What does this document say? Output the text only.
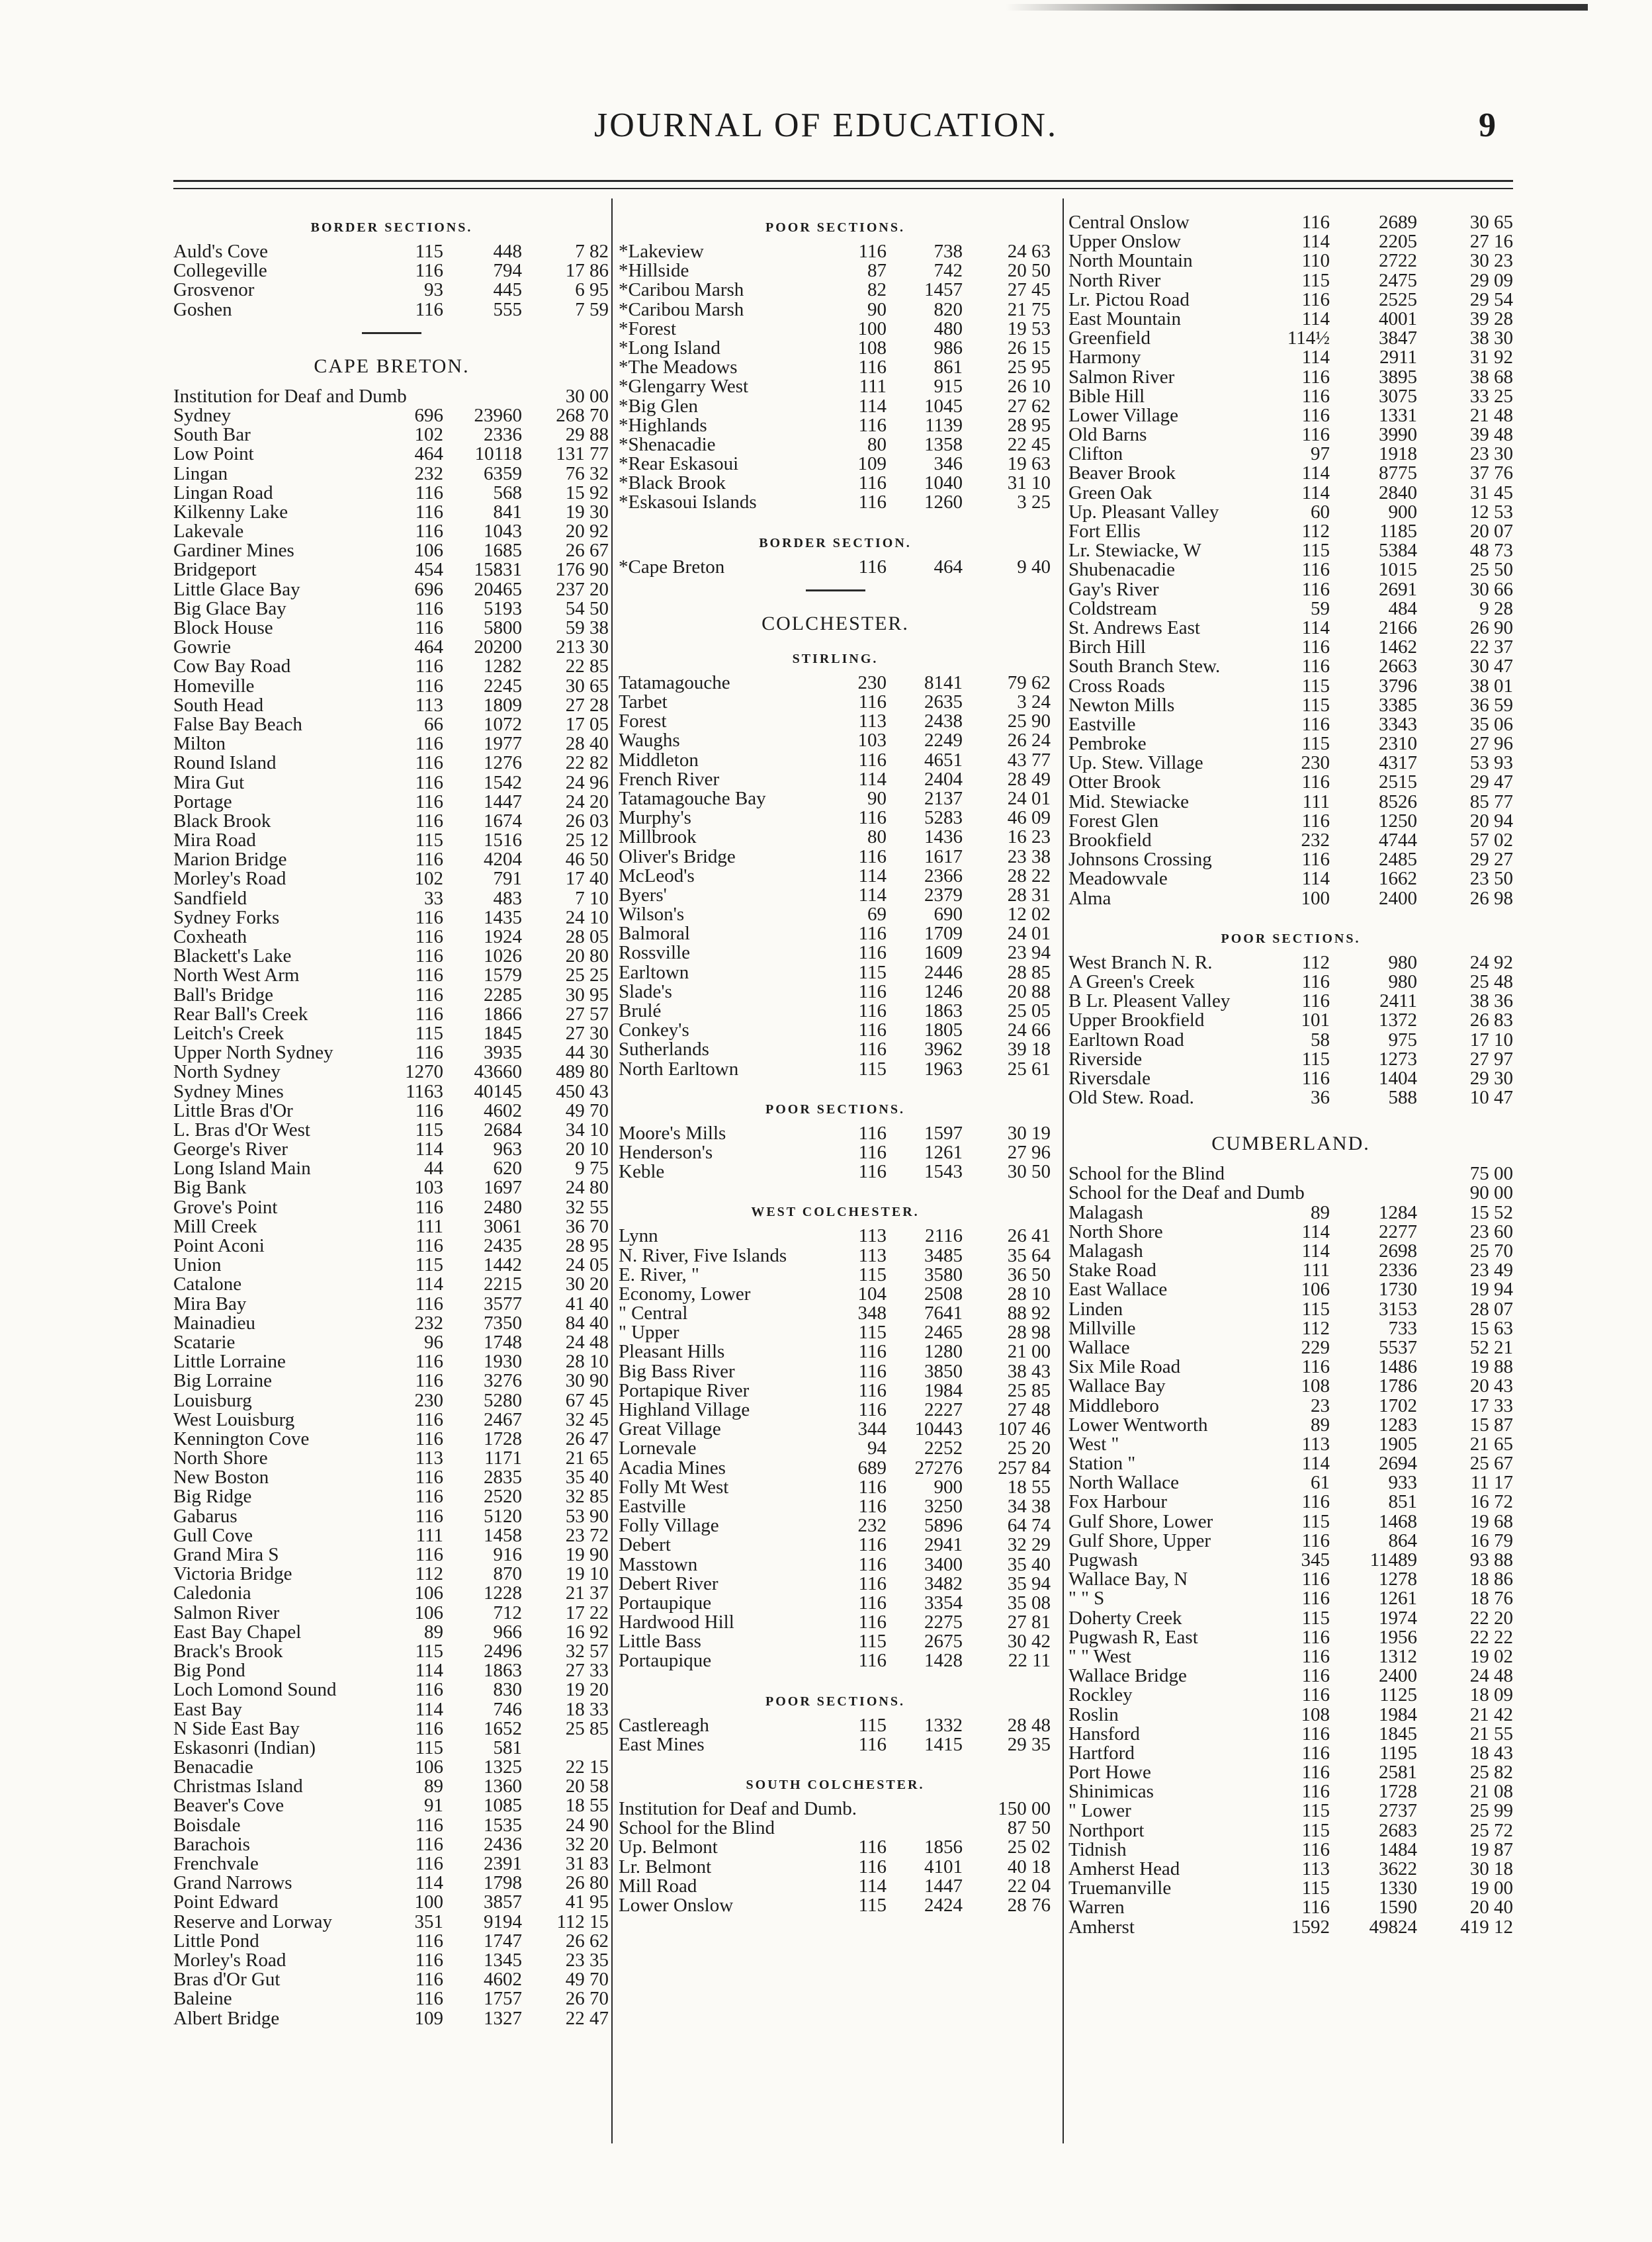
JOURNAL OF EDUCATION.	9
BORDER SECTIONS.
Auld's Cove	115	448	7 82
Collegeville	116	794	17 86
Grosvenor	93	445	6 95
Goshen	116	555	7 59
CAPE BRETON.
Institution for Deaf and Dumb	30 00
Sydney	696	23960	268 70
South Bar	102	2336	29 88
Low Point	464	10118	131 77
Lingan	232	6359	76 32
Lingan Road	116	568	15 92
Kilkenny Lake	116	841	19 30
Lakevale	116	1043	20 92
Gardiner Mines	106	1685	26 67
Bridgeport	454	15831	176 90
Little Glace Bay	696	20465	237 20
Big Glace Bay	116	5193	54 50
Block House	116	5800	59 38
Gowrie	464	20200	213 30
Cow Bay Road	116	1282	22 85
Homeville	116	2245	30 65
South Head	113	1809	27 28
False Bay Beach	66	1072	17 05
Milton	116	1977	28 40
Round Island	116	1276	22 82
Mira Gut	116	1542	24 96
Portage	116	1447	24 20
Black Brook	116	1674	26 03
Mira Road	115	1516	25 12
Marion Bridge	116	4204	46 50
Morley's Road	102	791	17 40
Sandfield	33	483	7 10
Sydney Forks	116	1435	24 10
Coxheath	116	1924	28 05
Blackett's Lake	116	1026	20 80
North West Arm	116	1579	25 25
Ball's Bridge	116	2285	30 95
Rear Ball's Creek	116	1866	27 57
Leitch's Creek	115	1845	27 30
Upper North Sydney	116	3935	44 30
North Sydney	1270	43660	489 80
Sydney Mines	1163	40145	450 43
Little Bras d'Or	116	4602	49 70
L. Bras d'Or West	115	2684	34 10
George's River	114	963	20 10
Long Island Main	44	620	9 75
Big Bank	103	1697	24 80
Grove's Point	116	2480	32 55
Mill Creek	111	3061	36 70
Point Aconi	116	2435	28 95
Union	115	1442	24 05
Catalone	114	2215	30 20
Mira Bay	116	3577	41 40
Mainadieu	232	7350	84 40
Scatarie	96	1748	24 48
Little Lorraine	116	1930	28 10
Big Lorraine	116	3276	30 90
Louisburg	230	5280	67 45
West Louisburg	116	2467	32 45
Kennington Cove	116	1728	26 47
North Shore	113	1171	21 65
New Boston	116	2835	35 40
Big Ridge	116	2520	32 85
Gabarus	116	5120	53 90
Gull Cove	111	1458	23 72
Grand Mira S	116	916	19 90
Victoria Bridge	112	870	19 10
Caledonia	106	1228	21 37
Salmon River	106	712	17 22
East Bay Chapel	89	966	16 92
Brack's Brook	115	2496	32 57
Big Pond	114	1863	27 33
Loch Lomond Sound	116	830	19 20
East Bay	114	746	18 33
N Side East Bay	116	1652	25 85
Eskasonri (Indian)	115	581
Benacadie	106	1325	22 15
Christmas Island	89	1360	20 58
Beaver's Cove	91	1085	18 55
Boisdale	116	1535	24 90
Barachois	116	2436	32 20
Frenchvale	116	2391	31 83
Grand Narrows	114	1798	26 80
Point Edward	100	3857	41 95
Reserve and Lorway	351	9194	112 15
Little Pond	116	1747	26 62
Morley's Road	116	1345	23 35
Bras d'Or Gut	116	4602	49 70
Baleine	116	1757	26 70
Albert Bridge	109	1327	22 47
POOR SECTIONS.
*Lakeview	116	738	24 63
*Hillside	87	742	20 50
*Caribou Marsh	82	1457	27 45
*Caribou Marsh	90	820	21 75
*Forest	100	480	19 53
*Long Island	108	986	26 15
*The Meadows	116	861	25 95
*Glengarry West	111	915	26 10
*Big Glen	114	1045	27 62
*Highlands	116	1139	28 95
*Shenacadie	80	1358	22 45
*Rear Eskasoui	109	346	19 63
*Black Brook	116	1040	31 10
*Eskasoui Islands	116	1260	3 25
BORDER SECTION.
*Cape Breton	116	464	9 40
COLCHESTER.
STIRLING.
Tatamagouche	230	8141	79 62
Tarbet	116	2635	3 24
Forest	113	2438	25 90
Waughs	103	2249	26 24
Middleton	116	4651	43 77
French River	114	2404	28 49
Tatamagouche Bay	90	2137	24 01
Murphy's	116	5283	46 09
Millbrook	80	1436	16 23
Oliver's Bridge	116	1617	23 38
McLeod's	114	2366	28 22
Byers'	114	2379	28 31
Wilson's	69	690	12 02
Balmoral	116	1709	24 01
Rossville	116	1609	23 94
Earltown	115	2446	28 85
Slade's	116	1246	20 88
Brulé	116	1863	25 05
Conkey's	116	1805	24 66
Sutherlands	116	3962	39 18
North Earltown	115	1963	25 61
POOR SECTIONS.
Moore's Mills	116	1597	30 19
Henderson's	116	1261	27 96
Keble	116	1543	30 50
WEST COLCHESTER.
Lynn	113	2116	26 41
N. River, Five Islands	113	3485	35 64
E. River, "	115	3580	36 50
Economy, Lower	104	2508	28 10
" Central	348	7641	88 92
" Upper	115	2465	28 98
Pleasant Hills	116	1280	21 00
Big Bass River	116	3850	38 43
Portapique River	116	1984	25 85
Highland Village	116	2227	27 48
Great Village	344	10443	107 46
Lornevale	94	2252	25 20
Acadia Mines	689	27276	257 84
Folly Mt West	116	900	18 55
Eastville	116	3250	34 38
Folly Village	232	5896	64 74
Debert	116	2941	32 29
Masstown	116	3400	35 40
Debert River	116	3482	35 94
Portaupique	116	3354	35 08
Hardwood Hill	116	2275	27 81
Little Bass	115	2675	30 42
Portaupique	116	1428	22 11
POOR SECTIONS.
Castlereagh	115	1332	28 48
East Mines	116	1415	29 35
SOUTH COLCHESTER.
Institution for Deaf and Dumb.	150 00
School for the Blind	87 50
Up. Belmont	116	1856	25 02
Lr. Belmont	116	4101	40 18
Mill Road	114	1447	22 04
Lower Onslow	115	2424	28 76
Central Onslow	116	2689	30 65
Upper Onslow	114	2205	27 16
North Mountain	110	2722	30 23
North River	115	2475	29 09
Lr. Pictou Road	116	2525	29 54
East Mountain	114	4001	39 28
Greenfield	114½	3847	38 30
Harmony	114	2911	31 92
Salmon River	116	3895	38 68
Bible Hill	116	3075	33 25
Lower Village	116	1331	21 48
Old Barns	116	3990	39 48
Clifton	97	1918	23 30
Beaver Brook	114	8775	37 76
Green Oak	114	2840	31 45
Up. Pleasant Valley	60	900	12 53
Fort Ellis	112	1185	20 07
Lr. Stewiacke, W	115	5384	48 73
Shubenacadie	116	1015	25 50
Gay's River	116	2691	30 66
Coldstream	59	484	9 28
St. Andrews East	114	2166	26 90
Birch Hill	116	1462	22 37
South Branch Stew.	116	2663	30 47
Cross Roads	115	3796	38 01
Newton Mills	115	3385	36 59
Eastville	116	3343	35 06
Pembroke	115	2310	27 96
Up. Stew. Village	230	4317	53 93
Otter Brook	116	2515	29 47
Mid. Stewiacke	111	8526	85 77
Forest Glen	116	1250	20 94
Brookfield	232	4744	57 02
Johnsons Crossing	116	2485	29 27
Meadowvale	114	1662	23 50
Alma	100	2400	26 98
POOR SECTIONS.
West Branch N. R.	112	980	24 92
A Green's Creek	116	980	25 48
B Lr. Pleasent Valley	116	2411	38 36
Upper Brookfield	101	1372	26 83
Earltown Road	58	975	17 10
Riverside	115	1273	27 97
Riversdale	116	1404	29 30
Old Stew. Road.	36	588	10 47
CUMBERLAND.
School for the Blind	75 00
School for the Deaf and Dumb	90 00
Malagash	89	1284	15 52
North Shore	114	2277	23 60
Malagash	114	2698	25 70
Stake Road	111	2336	23 49
East Wallace	106	1730	19 94
Linden	115	3153	28 07
Millville	112	733	15 63
Wallace	229	5537	52 21
Six Mile Road	116	1486	19 88
Wallace Bay	108	1786	20 43
Middleboro	23	1702	17 33
Lower Wentworth	89	1283	15 87
West "	113	1905	21 65
Station "	114	2694	25 67
North Wallace	61	933	11 17
Fox Harbour	116	851	16 72
Gulf Shore, Lower	115	1468	19 68
Gulf Shore, Upper	116	864	16 79
Pugwash	345	11489	93 88
Wallace Bay, N	116	1278	18 86
" " S	116	1261	18 76
Doherty Creek	115	1974	22 20
Pugwash R, East	116	1956	22 22
" " West	116	1312	19 02
Wallace Bridge	116	2400	24 48
Rockley	116	1125	18 09
Roslin	108	1984	21 42
Hansford	116	1845	21 55
Hartford	116	1195	18 43
Port Howe	116	2581	25 82
Shinimicas	116	1728	21 08
" Lower	115	2737	25 99
Northport	115	2683	25 72
Tidnish	116	1484	19 87
Amherst Head	113	3622	30 18
Truemanville	115	1330	19 00
Warren	116	1590	20 40
Amherst	1592	49824	419 12
